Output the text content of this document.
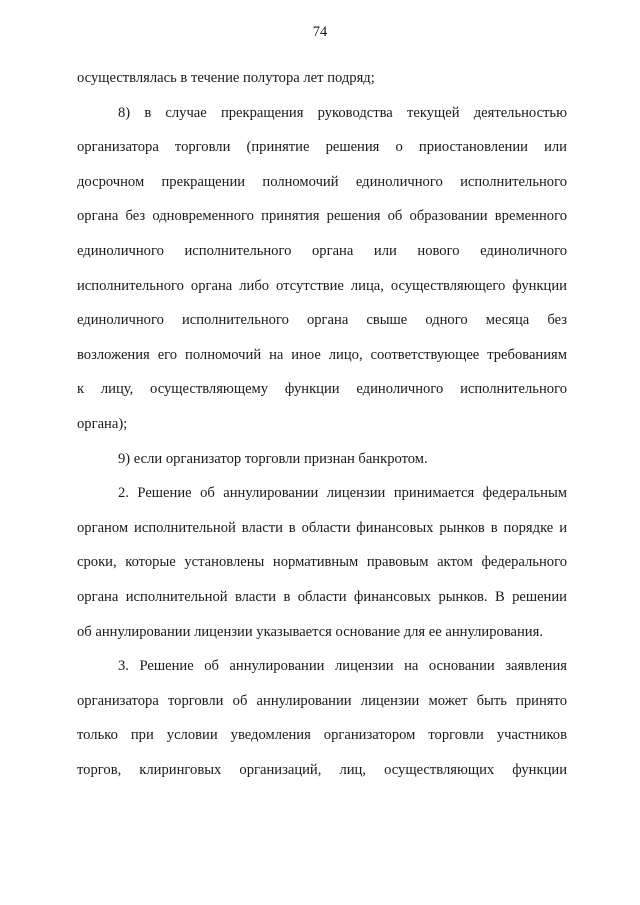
74
осуществлялась в течение полутора лет подряд;
8) в случае прекращения руководства текущей деятельностью
организатора торговли (принятие решения о приостановлении или
досрочном прекращении полномочий единоличного исполнительного
органа без одновременного принятия решения об образовании временного
единоличного исполнительного органа или нового единоличного
исполнительного органа либо отсутствие лица, осуществляющего функции
единоличного исполнительного органа свыше одного месяца без
возложения его полномочий на иное лицо, соответствующее требованиям
к лицу, осуществляющему функции единоличного исполнительного
органа);
9) если организатор торговли признан банкротом.
2. Решение об аннулировании лицензии принимается федеральным
органом исполнительной власти в области финансовых рынков в порядке и
сроки, которые установлены нормативным правовым актом федерального
органа исполнительной власти в области финансовых рынков. В решении
об аннулировании лицензии указывается основание для ее аннулирования.
3. Решение об аннулировании лицензии на основании заявления
организатора торговли об аннулировании лицензии может быть принято
только при условии уведомления организатором торговли участников
торгов, клиринговых организаций, лиц, осуществляющих функции
